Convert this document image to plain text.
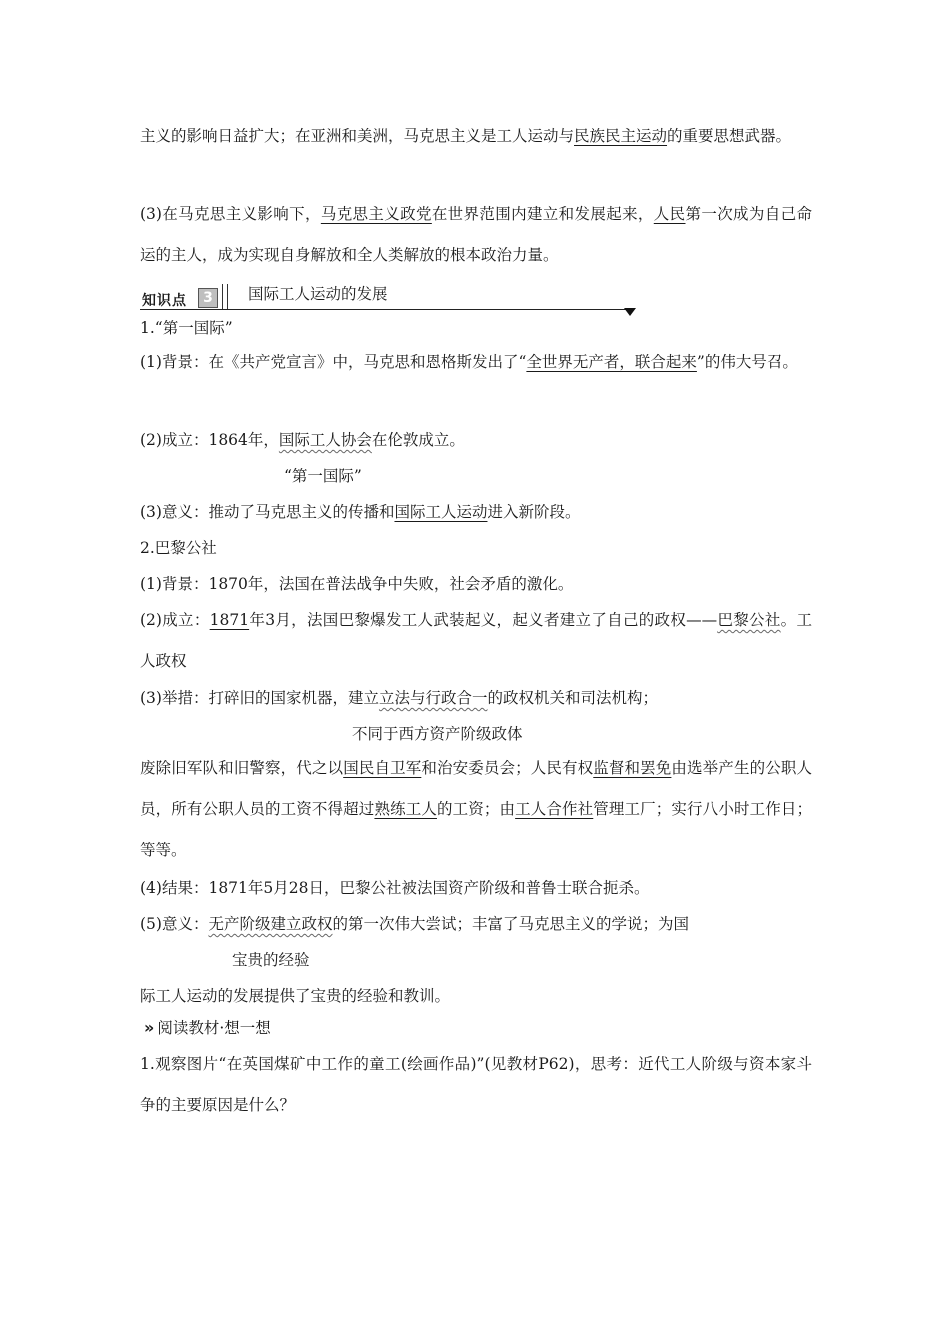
主义的影响日益扩大；在亚洲和美洲，马克思主义是工人运动与民族民主运动的重要思想武器。
(3)在马克思主义影响下，马克思主义政党在世界范围内建立和发展起来，人民第一次成为自己命运的主人，成为实现自身解放和全人类解放的根本政治力量。
知识点	3	国际工人运动的发展
1.“第一国际”
(1)背景：在《共产党宣言》中，马克思和恩格斯发出了“全世界无产者，联合起来”的伟大号召。
(2)成立：1864年，国际工人协会在伦敦成立。
“第一国际”
(3)意义：推动了马克思主义的传播和国际工人运动进入新阶段。
2.巴黎公社
(1)背景：1870年，法国在普法战争中失败，社会矛盾的激化。
(2)成立：1871年3月，法国巴黎爆发工人武装起义，起义者建立了自己的政权——巴黎公社。工人政权
(3)举措：打碎旧的国家机器，建立立法与行政合一的政权机关和司法机构；
不同于西方资产阶级政体
废除旧军队和旧警察，代之以国民自卫军和治安委员会；人民有权监督和罢免由选举产生的公职人员，所有公职人员的工资不得超过熟练工人的工资；由工人合作社管理工厂；实行八小时工作日；等等。
(4)结果：1871年5月28日，巴黎公社被法国资产阶级和普鲁士联合扼杀。
(5)意义：无产阶级建立政权的第一次伟大尝试；丰富了马克思主义的学说；为国
宝贵的经验
际工人运动的发展提供了宝贵的经验和教训。
» 阅读教材·想一想
1.观察图片“在英国煤矿中工作的童工(绘画作品)”(见教材P62)，思考：近代工人阶级与资本家斗争的主要原因是什么？
